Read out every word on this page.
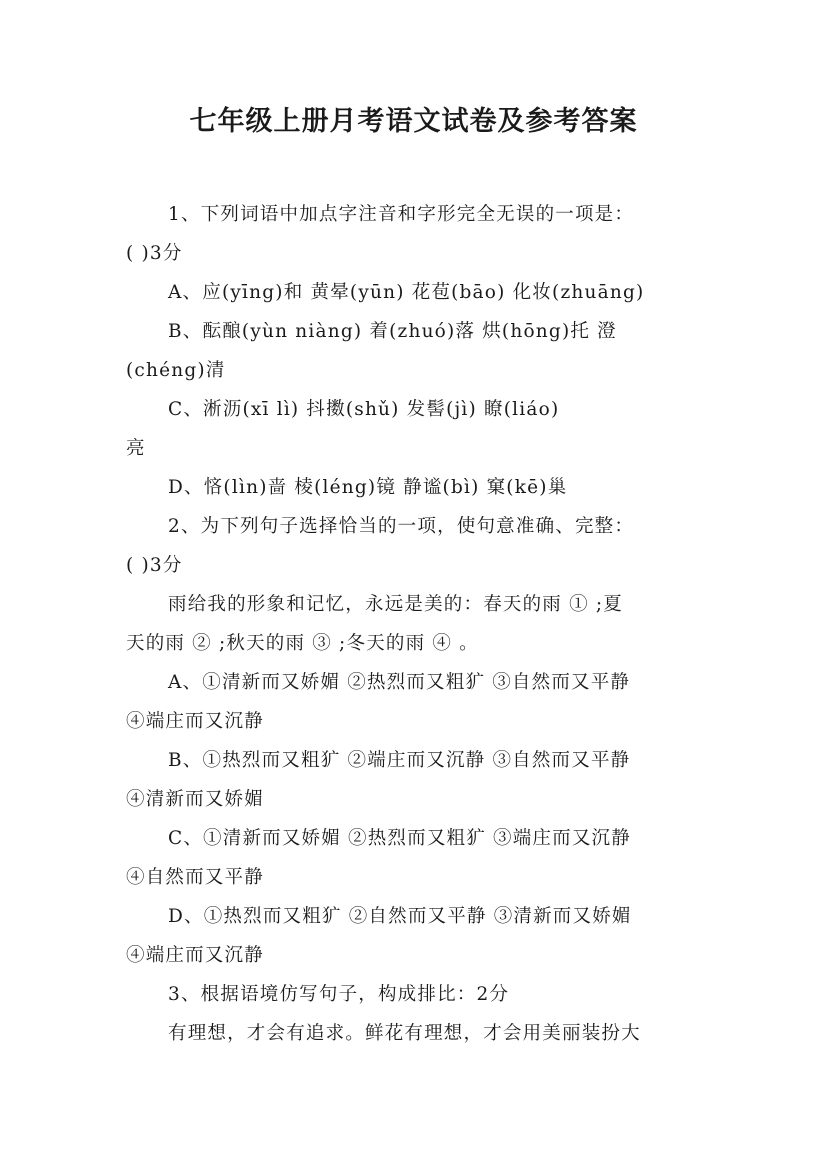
七年级上册月考语文试卷及参考答案
1、下列词语中加点字注音和字形完全无误的一项是：
( )3分
A、应(yīng)和 黄晕(yūn) 花苞(bāo) 化妆(zhuāng)
B、酝酿(yùn niàng) 着(zhuó)落 烘(hōng)托 澄
(chéng)清
C、淅沥(xī lì) 抖擞(shǔ) 发髻(jì) 瞭(liáo)
亮
D、悋(lìn)啬 棱(léng)镜 静谧(bì) 窠(kē)巢
2、为下列句子选择恰当的一项，使句意准确、完整：
( )3分
雨给我的形象和记忆，永远是美的：春天的雨 ① ;夏
天的雨 ② ;秋天的雨 ③ ;冬天的雨 ④ 。
A、①清新而又娇媚 ②热烈而又粗犷 ③自然而又平静
④端庄而又沉静
B、①热烈而又粗犷 ②端庄而又沉静 ③自然而又平静
④清新而又娇媚
C、①清新而又娇媚 ②热烈而又粗犷 ③端庄而又沉静
④自然而又平静
D、①热烈而又粗犷 ②自然而又平静 ③清新而又娇媚
④端庄而又沉静
3、根据语境仿写句子，构成排比：2分
有理想，才会有追求。鲜花有理想，才会用美丽装扮大
